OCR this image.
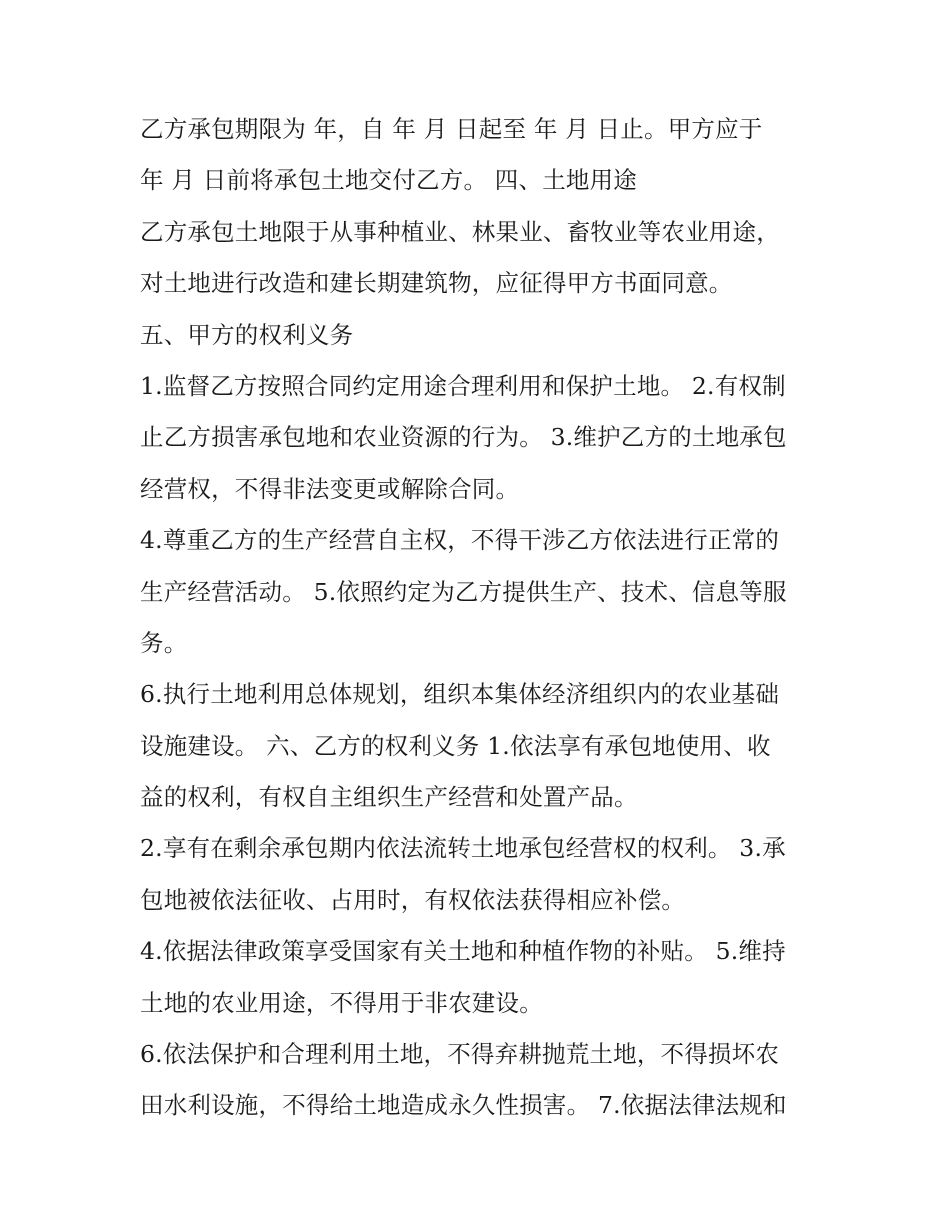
乙方承包期限为 年，自 年 月 日起至 年 月 日止。甲方应于
年 月 日前将承包土地交付乙方。 四、土地用途
乙方承包土地限于从事种植业、林果业、畜牧业等农业用途，
对土地进行改造和建长期建筑物，应征得甲方书面同意。
五、甲方的权利义务
1.监督乙方按照合同约定用途合理利用和保护土地。 2.有权制
止乙方损害承包地和农业资源的行为。 3.维护乙方的土地承包
经营权，不得非法变更或解除合同。
4.尊重乙方的生产经营自主权，不得干涉乙方依法进行正常的
生产经营活动。 5.依照约定为乙方提供生产、技术、信息等服
务。
6.执行土地利用总体规划，组织本集体经济组织内的农业基础
设施建设。 六、乙方的权利义务 1.依法享有承包地使用、收
益的权利，有权自主组织生产经营和处置产品。
2.享有在剩余承包期内依法流转土地承包经营权的权利。 3.承
包地被依法征收、占用时，有权依法获得相应补偿。
4.依据法律政策享受国家有关土地和种植作物的补贴。 5.维持
土地的农业用途，不得用于非农建设。
6.依法保护和合理利用土地，不得弃耕抛荒土地，不得损坏农
田水利设施，不得给土地造成永久性损害。 7.依据法律法规和
